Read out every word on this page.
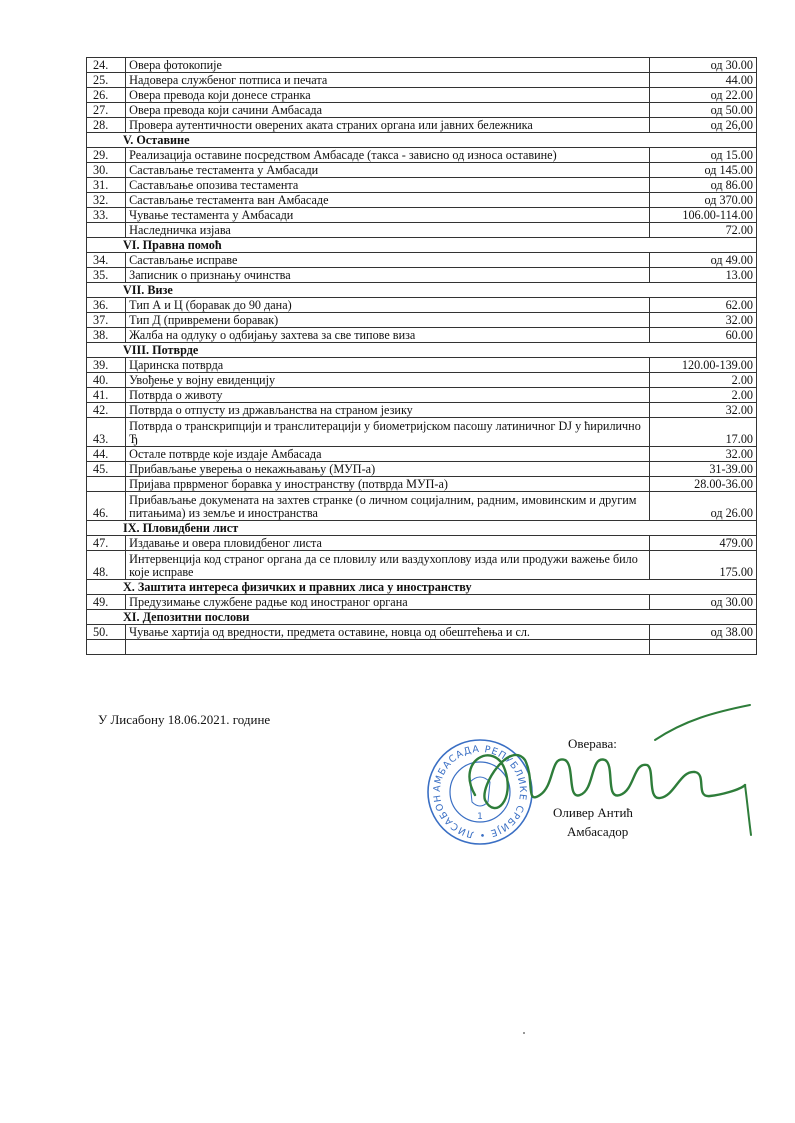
24.	Овера фотокопије	од 30.00
25.	Надовера службеног потписа и печата	44.00
26.	Овера превода који донесе странка	од 22.00
27.	Овера превода који сачини Амбасада	од 50.00
28.	Провера аутентичности оверених аката страних органа или јавних бележника	од 26,00
V. Оставине		
29.	Реализација оставине посредством Амбасаде (такса - зависно од износа оставине)	од 15.00
30.	Састављање тестамента у Амбасади	од 145.00
31.	Састављање опозива тестамента	од 86.00
32.	Састављање тестамента ван Амбасаде	од 370.00
33.	Чување тестамента у Амбасади	106.00-114.00
	Наследничка изјава	72.00
VI. Правна помоћ		
34.	Састављање исправе	од 49.00
35.	Записник о признању очинства	13.00
VII. Визе		
36.	Тип А и Ц (боравак до 90 дана)	62.00
37.	Тип Д (привремени боравак)	32.00
38.	Жалба на одлуку о одбијању захтева за све типове виза	60.00
VIII. Потврде		
39.	Царинска потврда	120.00-139.00
40.	Увођење у војну евиденцију	2.00
41.	Потврда о животу	2.00
42.	Потврда о отпусту из држављанства на страном језику	32.00
43.	Потврда о транскрипцији и транслитерацији у биометријском пасошу латиничног DJ у ћирилично Ђ	17.00
44.	Остале потврде које издаје Амбасада	32.00
45.	Прибављање уверења о некажњавању (МУП-а)	31-39.00
	Пријава прврменог боравка у иностранству (потврда МУП-а)	28.00-36.00
46.	Прибављање докумената на захтев странке (о личном социјалним, радним, имовинским и другим питањима) из земље и иностранства	од 26.00
IX. Пловидбени лист		
47.	Издавање и овера пловидбеног листа	479.00
48.	Интервенција код страног органа да се пловилу или ваздухоплову изда или продужи важење било које исправе	175.00
X. Заштита интереса физичких и правних лиса у иностранству		
49.	Предузимање службене радње код иностраног органа	од 30.00
XI. Депозитни послови		
50.	Чување хартија од вредности, предмета оставине, новца од обештећења и сл.	од 38.00

У Лисабону 18.06.2021. године
АМБАСАДА РЕПУБЛИКЕ СРБИЈЕ • ЛИСАБОН
1
Оверава:
Оливер Антић
Амбасадор
